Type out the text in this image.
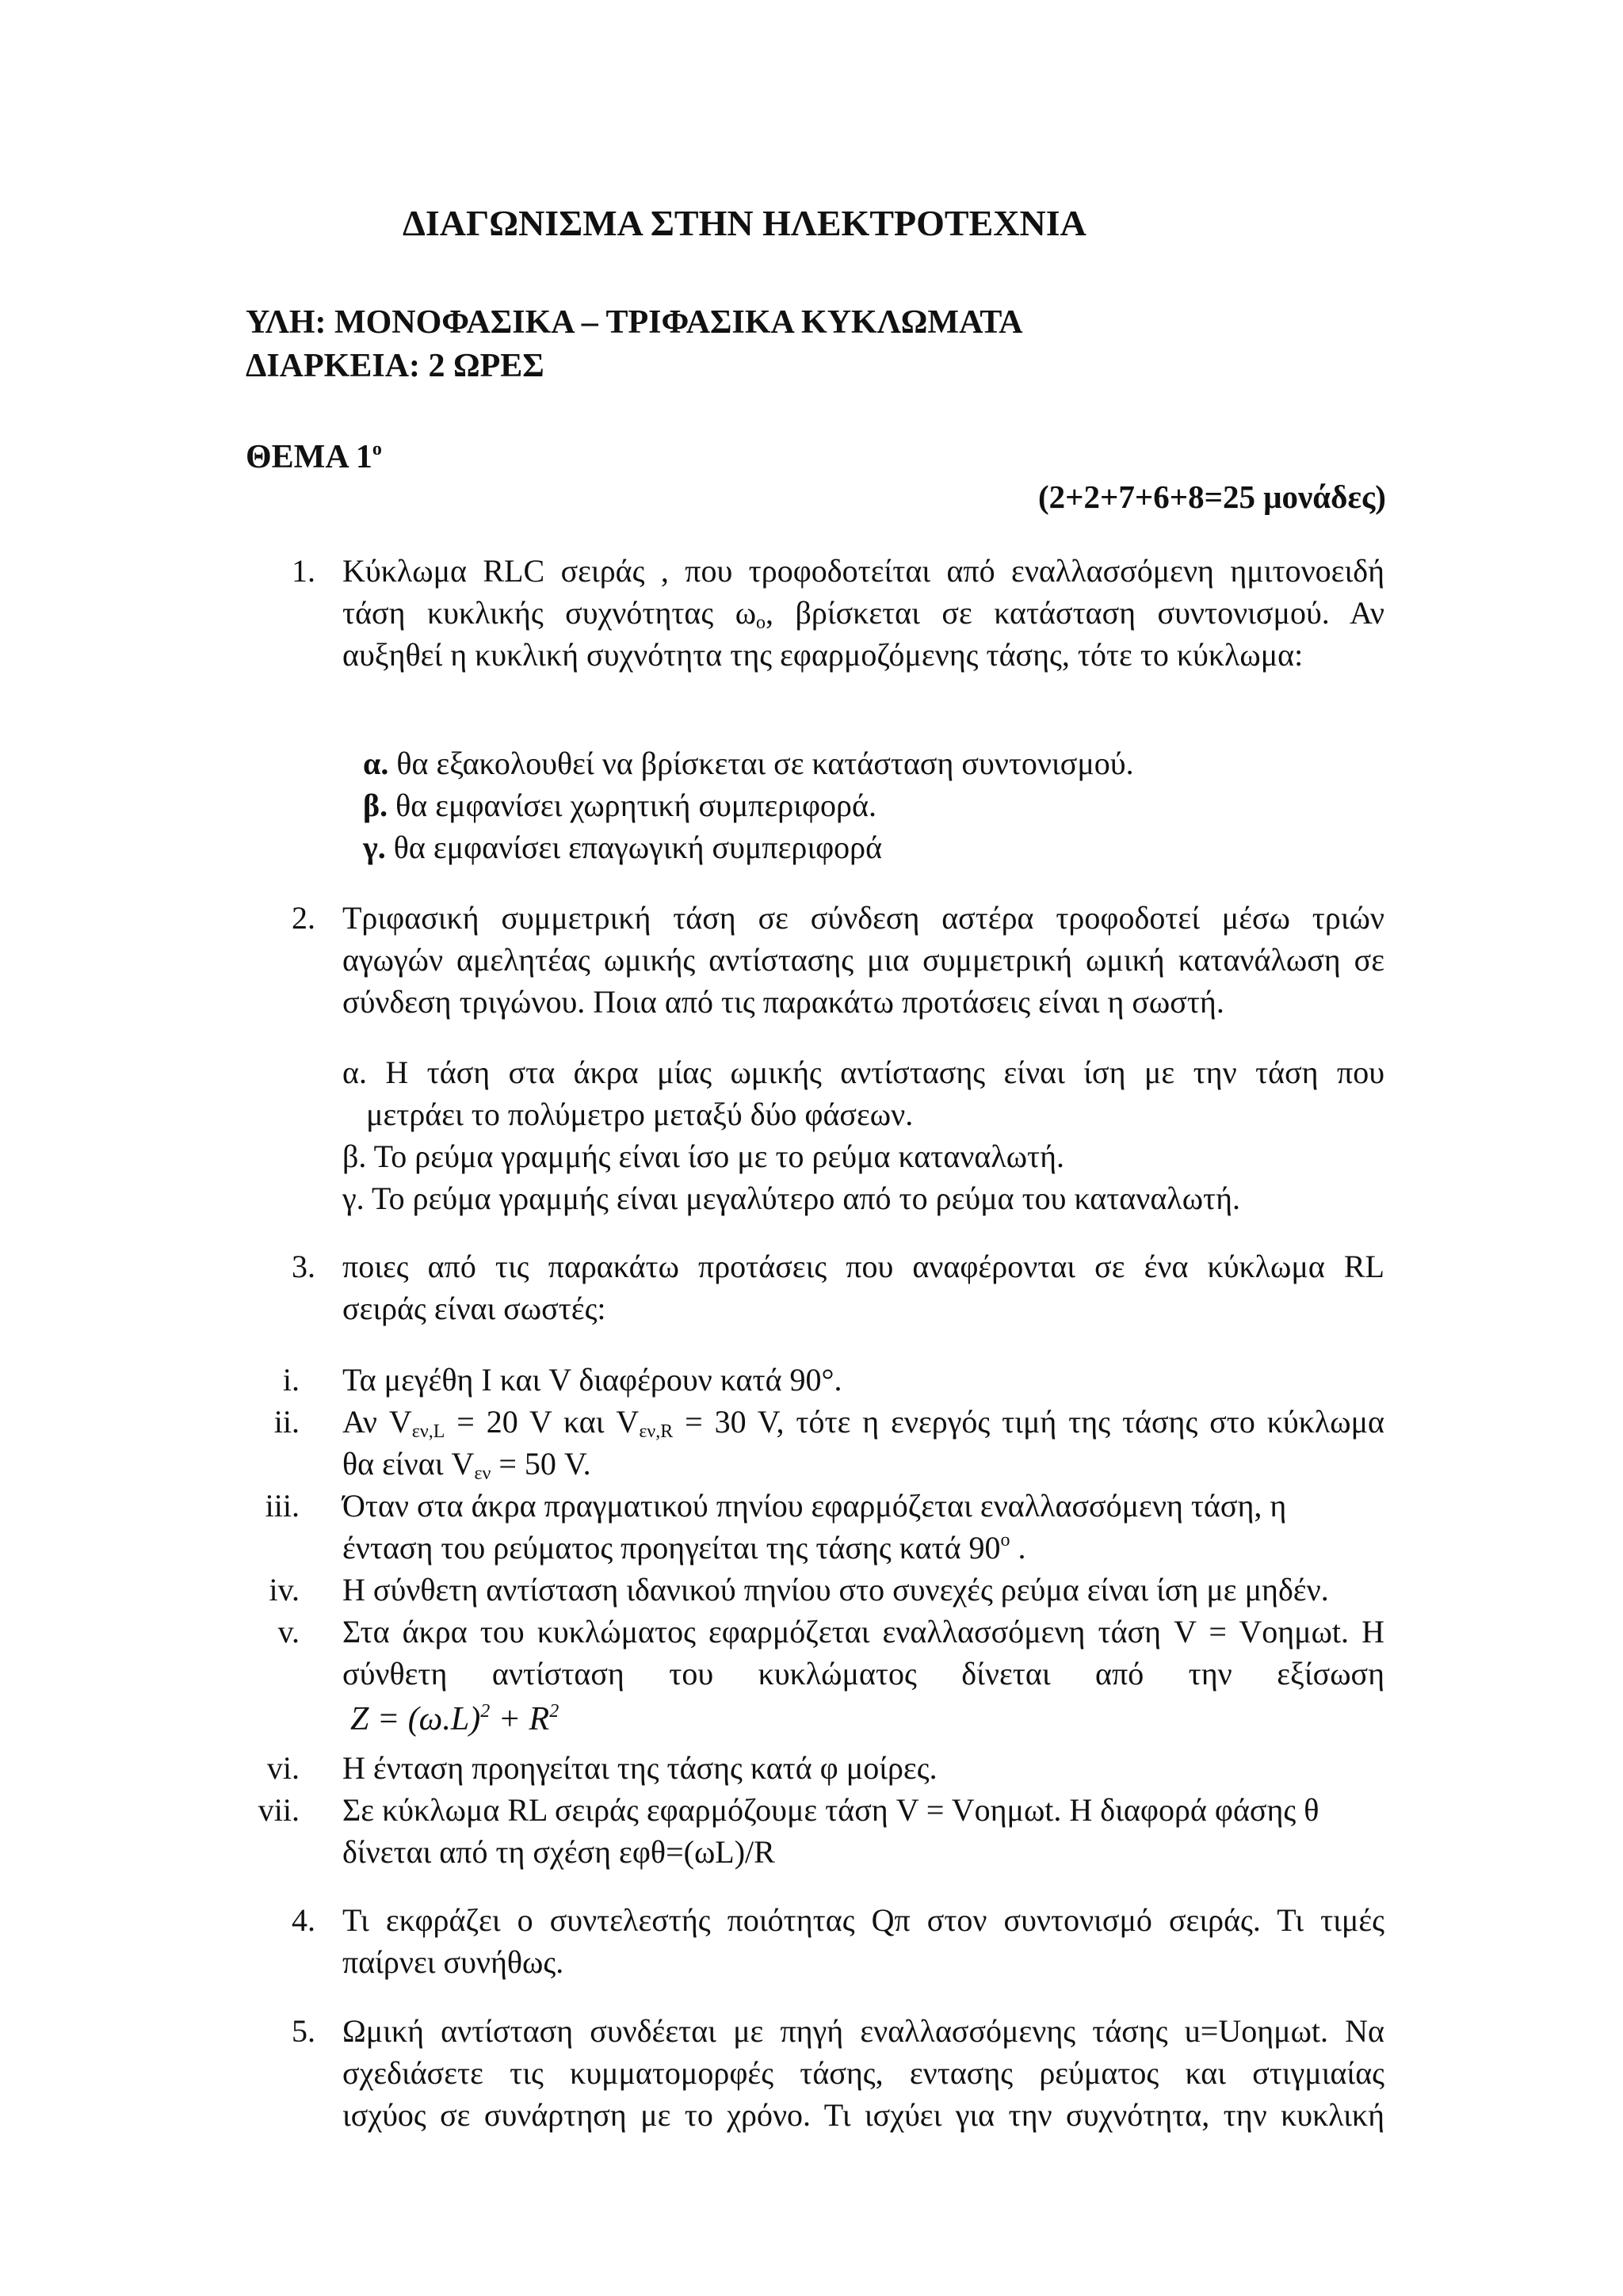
ΔΙΑΓΩΝΙΣΜΑ ΣΤΗΝ ΗΛΕΚΤΡΟΤΕΧΝΙΑ
ΥΛΗ: ΜΟΝΟΦΑΣΙΚΑ – ΤΡΙΦΑΣΙΚΑ ΚΥΚΛΩΜΑΤΑ
ΔΙΑΡΚΕΙΑ: 2 ΩΡΕΣ
ΘΕΜΑ $1^o$
(2+2+7+6+8=25 μονάδες)
1. Κύκλωμα RLC σειράς , που τροφοδοτείται από εναλλασσόμενη ημιτονοειδή
τάση κυκλικής συχνότητας $\omega_o$, βρίσκεται σε κατάσταση συντονισμού. Αν
αυξηθεί η κυκλική συχνότητα της εφαρμοζόμενης τάσης, τότε το κύκλωμα:
α. θα εξακολουθεί να βρίσκεται σε κατάσταση συντονισμού.
β. θα εμφανίσει χωρητική συμπεριφορά.
γ. θα εμφανίσει επαγωγική συμπεριφορά
2. Τριφασική συμμετρική τάση σε σύνδεση αστέρα τροφοδοτεί μέσω τριών
αγωγών αμελητέας ωμικής αντίστασης μια συμμετρική ωμική κατανάλωση σε
σύνδεση τριγώνου. Ποια από τις παρακάτω προτάσεις είναι η σωστή.
α. Η τάση στα άκρα μίας ωμικής αντίστασης είναι ίση με την τάση που
μετράει το πολύμετρο μεταξύ δύο φάσεων.
β. Το ρεύμα γραμμής είναι ίσο με το ρεύμα καταναλωτή.
γ. Το ρεύμα γραμμής είναι μεγαλύτερο από το ρεύμα του καταναλωτή.
3. ποιες από τις παρακάτω προτάσεις που αναφέρονται σε ένα κύκλωμα RL
σειράς είναι σωστές:
i. Τα μεγέθη I και V διαφέρουν κατά 90°.
ii. Αν $V_{\varepsilon\nu,L} = 20$ V και $V_{\varepsilon\nu,R} = 30$ V, τότε η ενεργός τιμή της τάσης στο κύκλωμα
θα είναι $V_{\varepsilon\nu} = 50$ V.
iii. Όταν στα άκρα πραγματικού πηνίου εφαρμόζεται εναλλασσόμενη τάση, η
ένταση του ρεύματος προηγείται της τάσης κατά $90^o$ .
iv. Η σύνθετη αντίσταση ιδανικού πηνίου στο συνεχές ρεύμα είναι ίση με μηδέν.
v. Στα άκρα του κυκλώματος εφαρμόζεται εναλλασσόμενη τάση V = Vοημωt. Η
σύνθετη αντίσταση του κυκλώματος δίνεται από την εξίσωση
$Z = (\omega.L)^2 + R^2$
vi. Η ένταση προηγείται της τάσης κατά φ μοίρες.
vii. Σε κύκλωμα RL σειράς εφαρμόζουμε τάση V = Vοημωt. Η διαφορά φάσης θ
δίνεται από τη σχέση εφθ=(ωL)/R
4. Τι εκφράζει ο συντελεστής ποιότητας Qπ στον συντονισμό σειράς. Τι τιμές
παίρνει συνήθως.
5. Ωμική αντίσταση συνδέεται με πηγή εναλλασσόμενης τάσης u=Uοημωt. Να
σχεδιάσετε τις κυμματομορφές τάσης, εντασης ρεύματος και στιγμιαίας
ισχύος σε συνάρτηση με το χρόνο. Τι ισχύει για την συχνότητα, την κυκλική
